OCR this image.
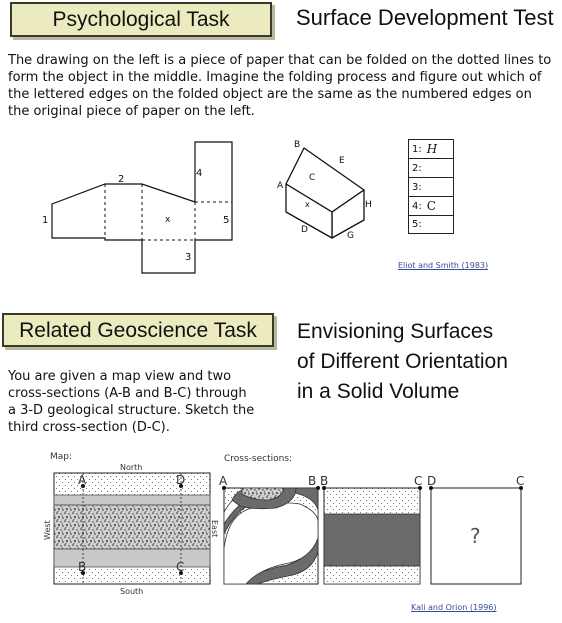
Psychological Task	Surface Development Test
The drawing on the left is a piece of paper that can be folded on the dotted lines to form the object in the middle. Imagine the folding process and figure out which of the lettered edges on the folded object are the same as the numbered edges on the original piece of paper on the left.
1
2
3
4
5
x
A
B
C
D
E
G
H
x
1: H
2:
3:
4: C
5:
Eliot and Smith (1983)
Related Geoscience Task Envisioning Surfaces
of Different Orientation
in a Solid Volume
You are given a map view and two
cross-sections (A-B and B-C) through
a 3-D geological structure. Sketch the
third cross-section (D-C).
Map:
North
South
West	East
A	D
B	C
Cross-sections:
A	B B	C D	C
?
Kali and Orion (1996)
